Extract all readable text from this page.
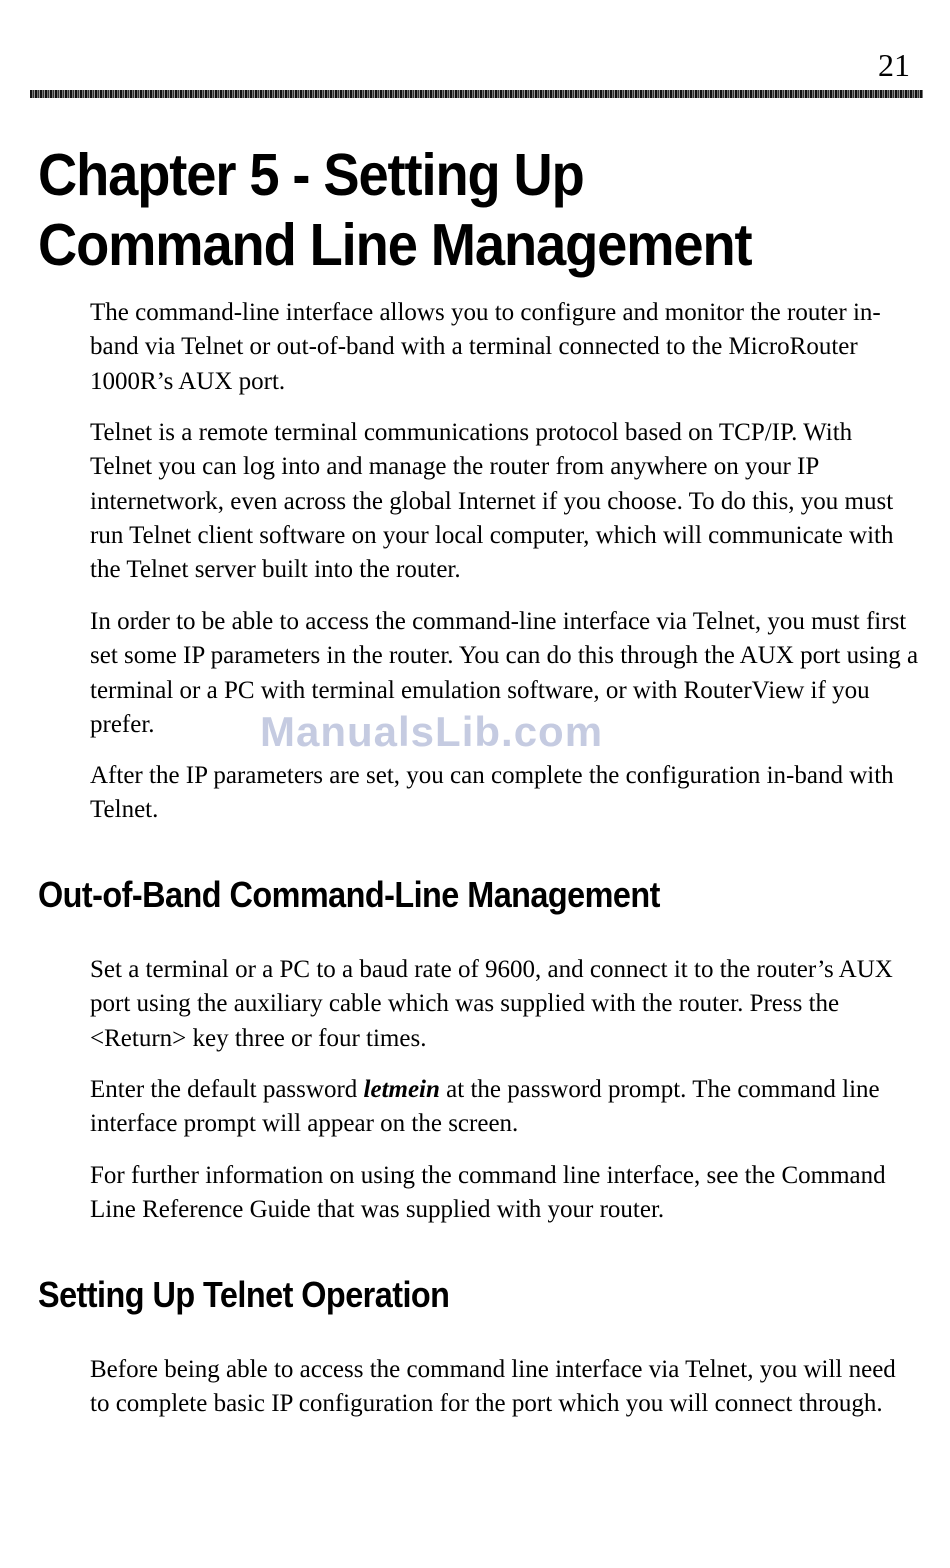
21
Chapter 5 - Setting Up
Command Line Management

The command-line interface allows you to configure and monitor the router in-band via Telnet or out-of-band with a terminal connected to the MicroRouter 1000R’s AUX port.

Telnet is a remote terminal communications protocol based on TCP/IP. With Telnet you can log into and manage the router from anywhere on your IP internetwork, even across the global Internet if you choose. To do this, you must run Telnet client software on your local computer, which will communicate with the Telnet server built into the router.

In order to be able to access the command-line interface via Telnet, you must first set some IP parameters in the router. You can do this through the AUX port using a terminal or a PC with terminal emulation software, or with RouterView if you prefer.

After the IP parameters are set, you can complete the configuration in-band with Telnet.

Out-of-Band Command-Line Management

Set a terminal or a PC to a baud rate of 9600, and connect it to the router’s AUX port using the auxiliary cable which was supplied with the router. Press the <Return> key three or four times.

Enter the default password letmein at the password prompt. The command line interface prompt will appear on the screen.

For further information on using the command line interface, see the Command Line Reference Guide that was supplied with your router.

Setting Up Telnet Operation

Before being able to access the command line interface via Telnet, you will need to complete basic IP configuration for the port which you will connect through.

ManualsLib.com
